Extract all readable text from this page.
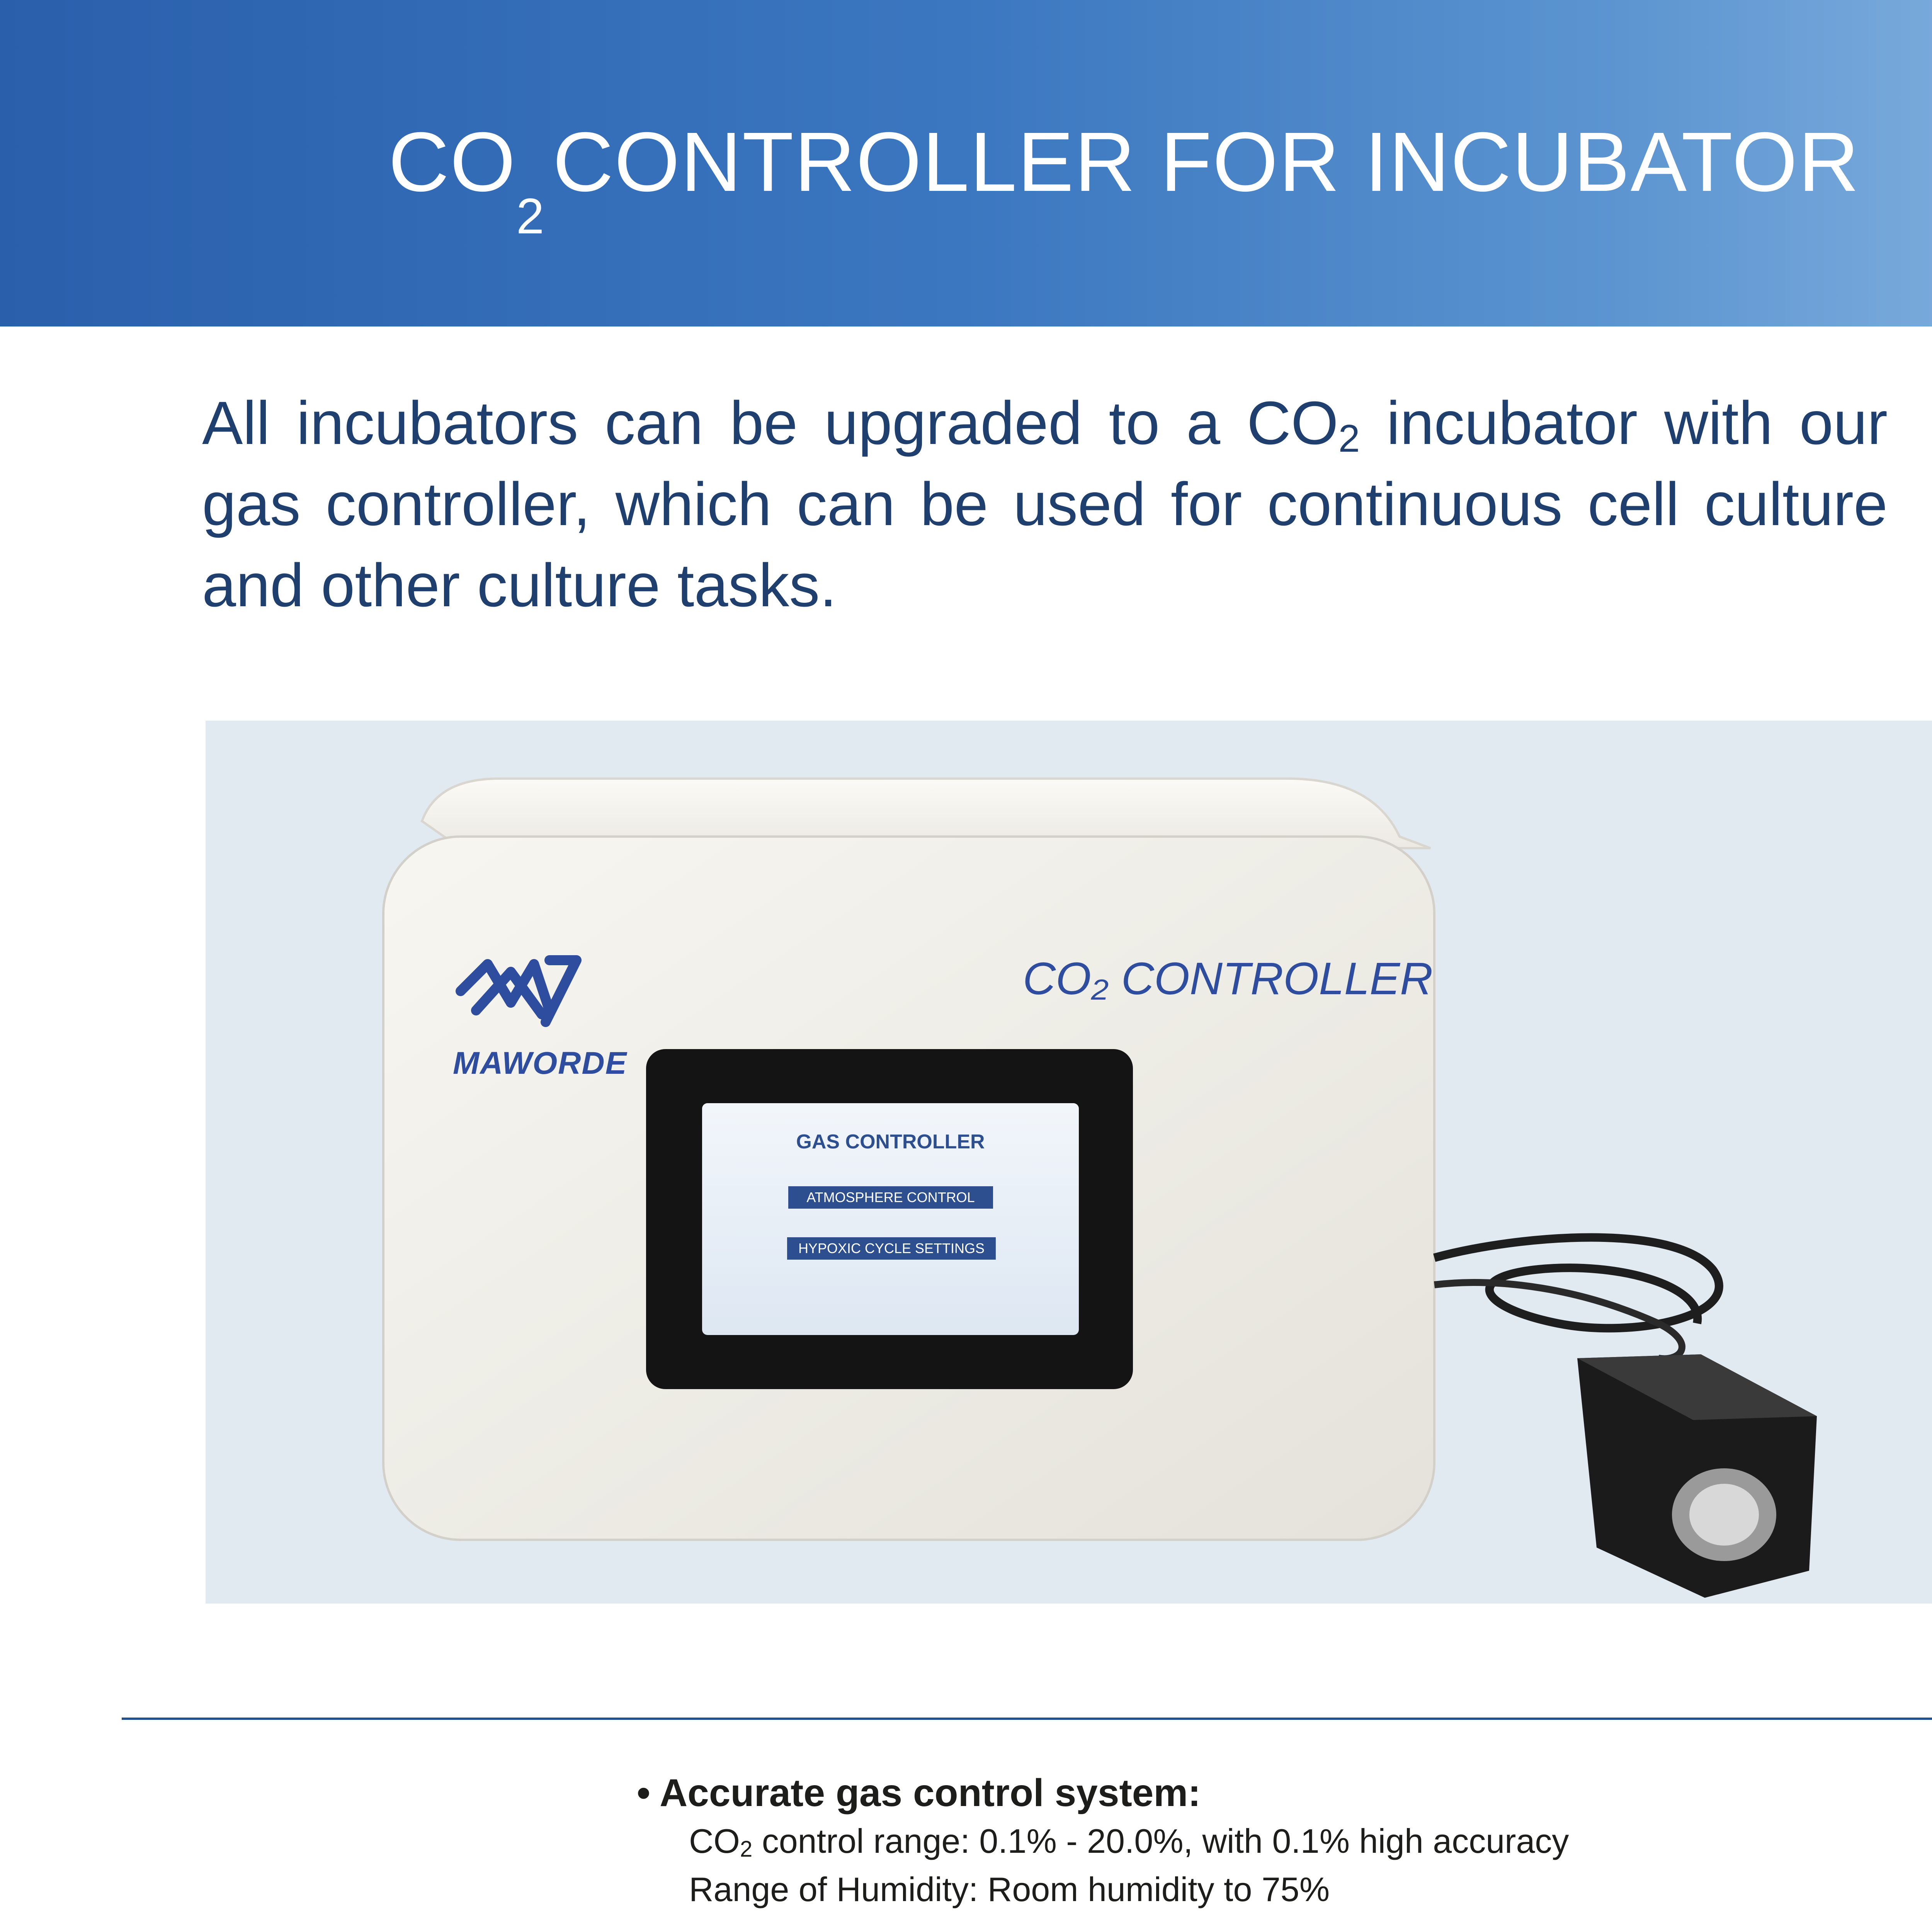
$CO_2CONTROLLER$ FOR INCUBATOR

All incubators can be upgraded to a $CO_2$ incubator with our gas controller, which can be used for continuous cell culture and other culture tasks.

MAWORDE
CO₂ CONTROLLER
GAS CONTROLLER
ATMOSPHERE CONTROL
HYPOXIC CYCLE SETTINGS
• Accurate gas control system:
$CO_2$ control range: 0.1% - 20.0%, with 0.1% high accuracy
Range of Humidity: Room humidity to 75%
